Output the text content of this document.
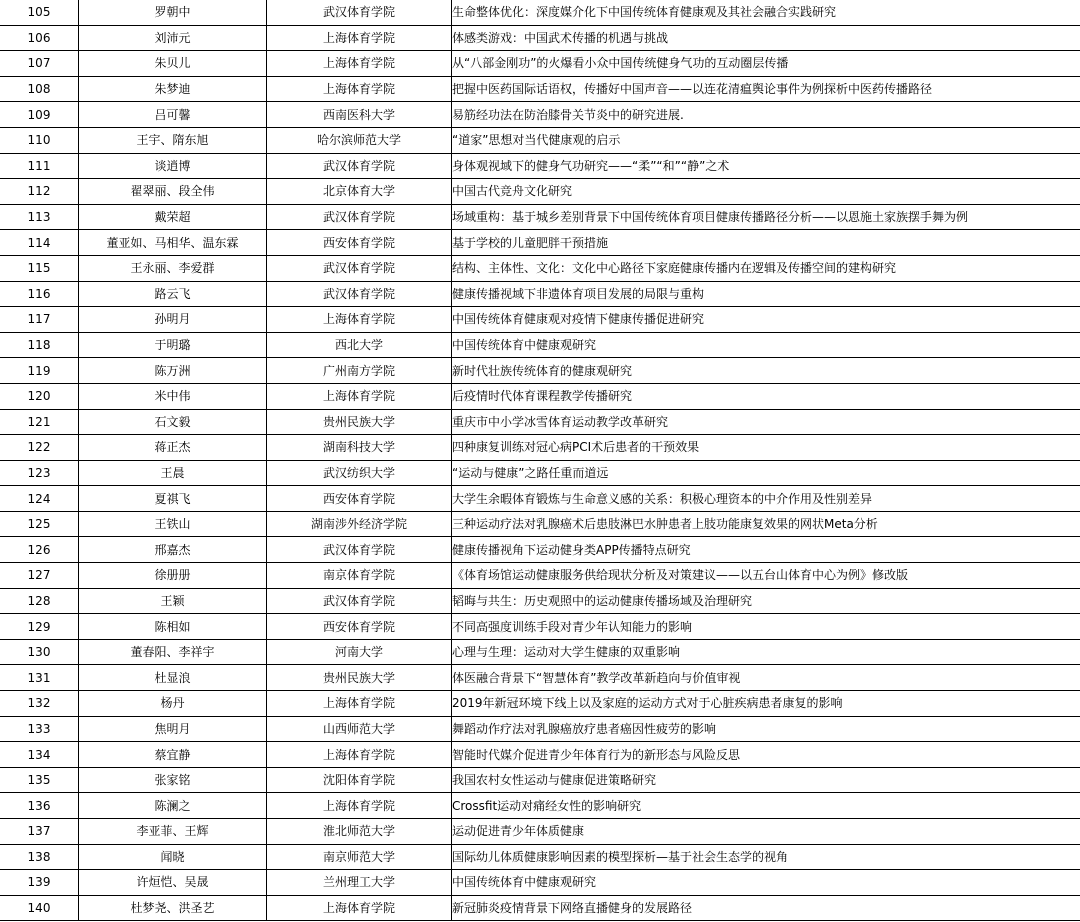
105	罗朝中	武汉体育学院	生命整体优化：深度媒介化下中国传统体育健康观及其社会融合实践研究
106	刘沛元	上海体育学院	体感类游戏：中国武术传播的机遇与挑战
107	朱贝儿	上海体育学院	从“八部金刚功”的火爆看小众中国传统健身气功的互动圈层传播
108	朱梦迪	上海体育学院	把握中医药国际话语权，传播好中国声音——以连花清瘟舆论事件为例探析中医药传播路径
109	吕可馨	西南医科大学	易筋经功法在防治膝骨关节炎中的研究进展.
110	王宇、隋东旭	哈尔滨师范大学	“道家”思想对当代健康观的启示
111	谈逍博	武汉体育学院	身体观视域下的健身气功研究——“柔”“和”“静”之术
112	翟翠丽、段全伟	北京体育大学	中国古代竞舟文化研究
113	戴荣超	武汉体育学院	场域重构：基于城乡差别背景下中国传统体育项目健康传播路径分析——以恩施土家族摆手舞为例
114	董亚如、马相华、温东霖	西安体育学院	基于学校的儿童肥胖干预措施
115	王永丽、李爱群	武汉体育学院	结构、主体性、文化：文化中心路径下家庭健康传播内在逻辑及传播空间的建构研究
116	路云飞	武汉体育学院	健康传播视域下非遗体育项目发展的局限与重构
117	孙明月	上海体育学院	中国传统体育健康观对疫情下健康传播促进研究
118	于明璐	西北大学	中国传统体育中健康观研究
119	陈万洲	广州南方学院	新时代壮族传统体育的健康观研究
120	米中伟	上海体育学院	后疫情时代体育课程教学传播研究
121	石文毅	贵州民族大学	重庆市中小学冰雪体育运动教学改革研究
122	蒋正杰	湖南科技大学	四种康复训练对冠心病PCI术后患者的干预效果
123	王晨	武汉纺织大学	“运动与健康”之路任重而道远
124	夏祺飞	西安体育学院	大学生余暇体育锻炼与生命意义感的关系：积极心理资本的中介作用及性别差异
125	王铁山	湖南涉外经济学院	三种运动疗法对乳腺癌术后患肢淋巴水肿患者上肢功能康复效果的网状Meta分析
126	邢嘉杰	武汉体育学院	健康传播视角下运动健身类APP传播特点研究
127	徐册册	南京体育学院	《体育场馆运动健康服务供给现状分析及对策建议——以五台山体育中心为例》修改版
128	王颖	武汉体育学院	韬晦与共生：历史观照中的运动健康传播场域及治理研究
129	陈相如	西安体育学院	不同高强度训练手段对青少年认知能力的影响
130	董春阳、李祥宇	河南大学	心理与生理：运动对大学生健康的双重影响
131	杜显浪	贵州民族大学	体医融合背景下“智慧体育”教学改革新趋向与价值审视
132	杨丹	上海体育学院	2019年新冠环境下线上以及家庭的运动方式对于心脏疾病患者康复的影响
133	焦明月	山西师范大学	舞蹈动作疗法对乳腺癌放疗患者癌因性疲劳的影响
134	蔡宜静	上海体育学院	智能时代媒介促进青少年体育行为的新形态与风险反思
135	张家铭	沈阳体育学院	我国农村女性运动与健康促进策略研究
136	陈澜之	上海体育学院	Crossfit运动对痛经女性的影响研究
137	李亚菲、王辉	淮北师范大学	运动促进青少年体质健康
138	闻晓	南京师范大学	国际幼儿体质健康影响因素的模型探析—基于社会生态学的视角
139	许烜恺、吴晟	兰州理工大学	中国传统体育中健康观研究
140	杜梦尧、洪圣艺	上海体育学院	新冠肺炎疫情背景下网络直播健身的发展路径
